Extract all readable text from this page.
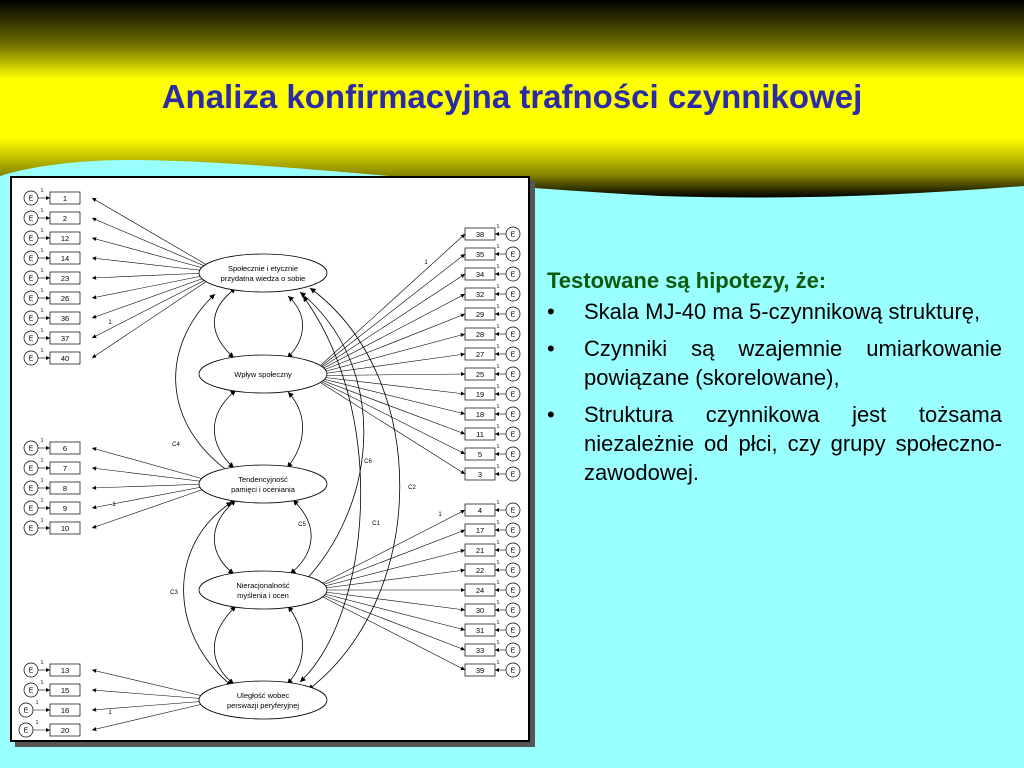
Analiza konfirmacyjna trafności czynnikowej
C4
C6
C2
C5	C1
C3
E
1
1
E
1
2
E
1
12
E
1
14
E
1
23
E
1
26
E
1
36
E
1
37
E
1
40
E
1
6
E
1
7
E
1
8
E
1
9
E
1
10
E
1
13
E
1
15
E
1
16
E
1
20
1
1
1
E
1
38
E
1
35
E
1
34
E
1
32
E
1
29
E
1
28
E
1
27
E
1
25
E
1
19
E
1
18
E
1
11
E
1
5
E
1
3
E
1
4
E
1
17
E
1
21
E
1
22
E
1
24
E
1
30
E
1
31
E
1
33
E
1
39
1
1
Społecznie i etycznie
przydatna wiedza o sobie
Wpływ społeczny
Tendencyjność
pamięci i oceniania
Nieracjonalność
myślenia i ocen
Uległość wobec
perswazji peryferyjnej

Testowane są hipotezy, że:

• Skala MJ-40 ma 5-czynnikową strukturę,
• Czynniki są wzajemnie umiarkowanie powiązane (skorelowane),
• Struktura czynnikowa jest tożsama niezależnie od płci, czy grupy społeczno-zawodowej.
